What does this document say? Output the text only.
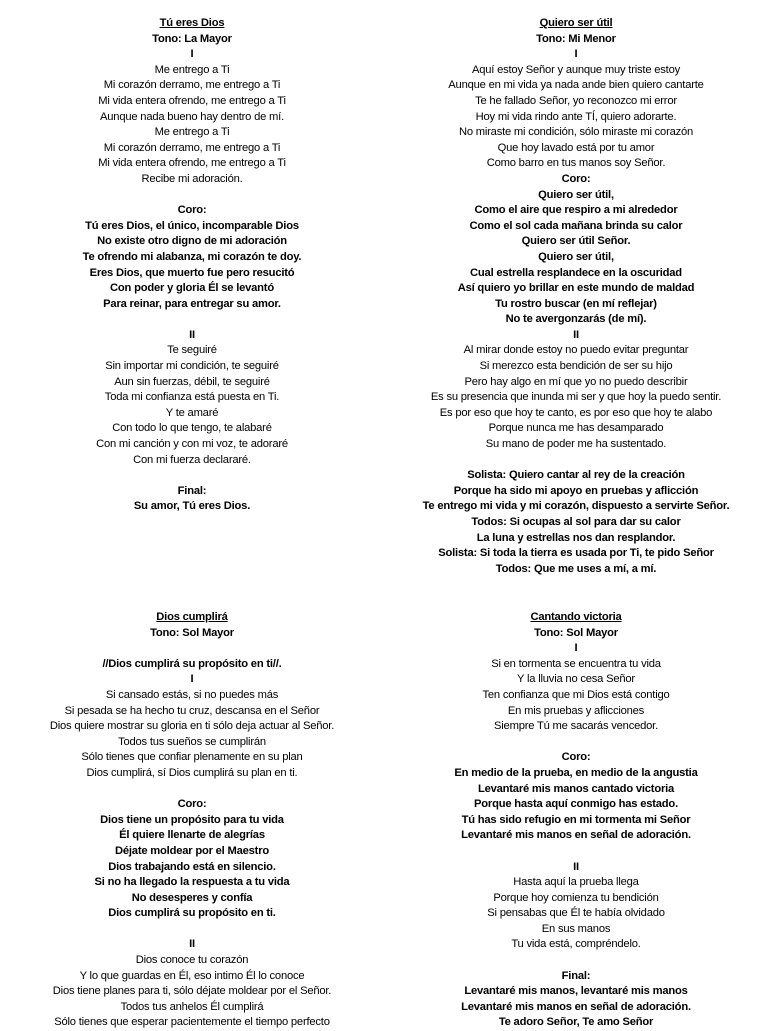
Tú eres Dios
Tono: La Mayor
I
Me entrego a Ti
Mi corazón derramo, me entrego a Ti
Mi vida entera ofrendo, me entrego a Ti
Aunque nada bueno hay dentro de mí.
Me entrego a Ti
Mi corazón derramo, me entrego a Ti
Mi vida entera ofrendo, me entrego a Ti
Recibe mi adoración.
Coro:
Tú eres Dios, el único, incomparable Dios
No existe otro digno de mi adoración
Te ofrendo mi alabanza, mi corazón te doy.
Eres Dios, que muerto fue pero resucitó
Con poder y gloria Él se levantó
Para reinar, para entregar su amor.
II
Te seguiré
Sin importar mi condición, te seguiré
Aun sin fuerzas, débil, te seguiré
Toda mi confianza está puesta en Ti.
Y te amaré
Con todo lo que tengo, te alabaré
Con mi canción y con mi voz, te adoraré
Con mi fuerza declararé.
Final:
Su amor, Tú eres Dios.
Quiero ser útil
Tono: Mi Menor
I
Aquí estoy Señor y aunque muy triste estoy
Aunque en mi vida ya nada ande bien quiero cantarte
Te he fallado Señor, yo reconozco mi error
Hoy mi vida rindo ante TÍ, quiero adorarte.
No miraste mi condición, sólo miraste mi corazón
Que hoy lavado está por tu amor
Como barro en tus manos soy Señor.
Coro:
Quiero ser útil,
Como el aire que respiro a mi alrededor
Como el sol cada mañana brinda su calor
Quiero ser útil Señor.
Quiero ser útil,
Cual estrella resplandece en la oscuridad
Así quiero yo brillar en este mundo de maldad
Tu rostro buscar (en mí reflejar)
No te avergonzarás (de mí).
II
Al mirar donde estoy no puedo evitar preguntar
Si merezco esta bendición de ser su hijo
Pero hay algo en mí que yo no puedo describir
Es su presencia que inunda mi ser y que hoy la puedo sentir.
Es por eso que hoy te canto, es por eso que hoy te alabo
Porque nunca me has desamparado
Su mano de poder me ha sustentado.
Solista: Quiero cantar al rey de la creación
Porque ha sido mi apoyo en pruebas y aflicción
Te entrego mi vida y mi corazón, dispuesto a servirte Señor.
Todos: Si ocupas al sol para dar su calor
La luna y estrellas nos dan resplandor.
Solista: Si toda la tierra es usada por Ti, te pido Señor
Todos: Que me uses a mí, a mí.
Dios cumplirá
Tono: Sol Mayor
//Dios cumplirá su propósito en ti//.
I
Si cansado estás, si no puedes más
Si pesada se ha hecho tu cruz, descansa en el Señor
Dios quiere mostrar su gloria en ti sólo deja actuar al Señor.
Todos tus sueños se cumplirán
Sólo tienes que confiar plenamente en su plan
Dios cumplirá, sí Dios cumplirá su plan en ti.
Coro:
Dios tiene un propósito para tu vida
Él quiere llenarte de alegrías
Déjate moldear por el Maestro
Dios trabajando está en silencio.
Si no ha llegado la respuesta a tu vida
No desesperes y confía
Dios cumplirá su propósito en ti.
II
Dios conoce tu corazón
Y lo que guardas en Él, eso intimo Él lo conoce
Dios tiene planes para ti, sólo déjate moldear por el Señor.
Todos tus anhelos Él cumplirá
Sólo tienes que esperar pacientemente el tiempo perfecto
Cantando victoria
Tono: Sol Mayor
I
Si en tormenta se encuentra tu vida
Y la lluvia no cesa Señor
Ten confianza que mi Dios está contigo
En mis pruebas y aflicciones
Siempre Tú me sacarás vencedor.
Coro:
En medio de la prueba, en medio de la angustia
Levantaré mis manos cantado victoria
Porque hasta aquí conmigo has estado.
Tú has sido refugio en mi tormenta mi Señor
Levantaré mis manos en señal de adoración.
II
Hasta aquí la prueba llega
Porque hoy comienza tu bendición
Si pensabas que Él te había olvidado
En sus manos
Tu vida está, compréndelo.
Final:
Levantaré mis manos, levantaré mis manos
Levantaré mis manos en señal de adoración.
Te adoro Señor, Te amo Señor
